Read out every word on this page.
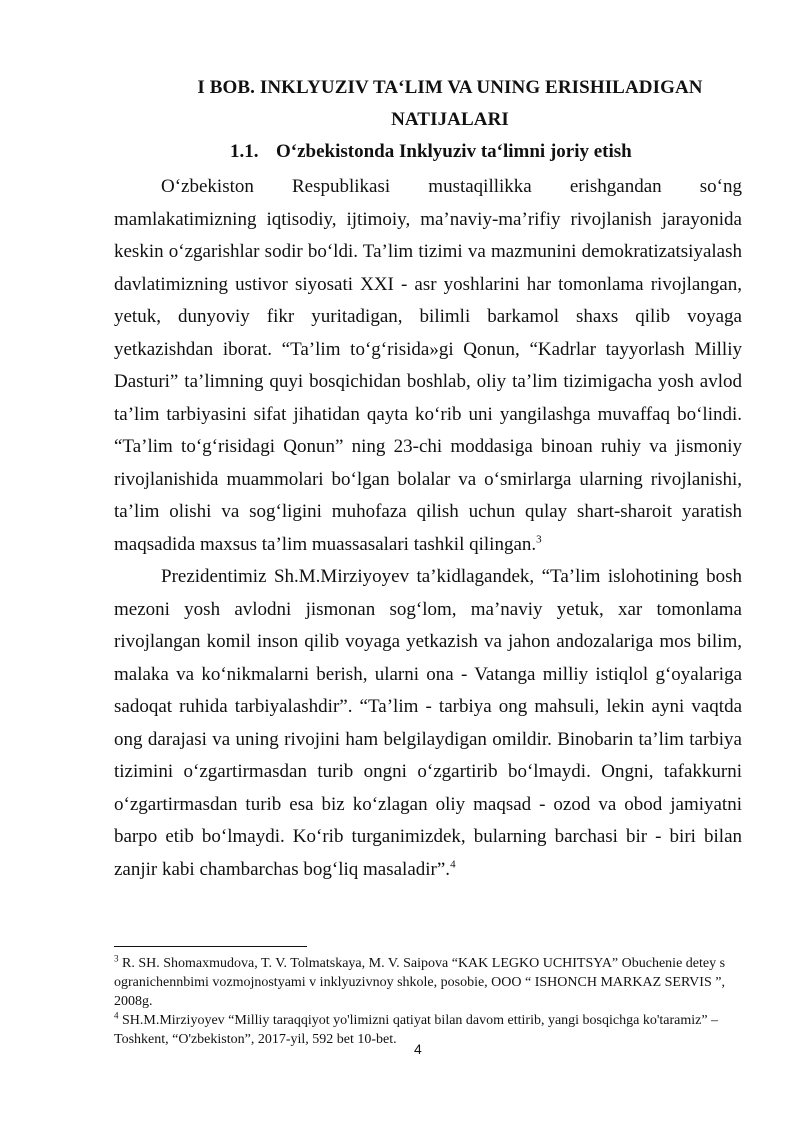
I BOB. INKLYUZIV TA‘LIM VA UNING ERISHILADIGAN NATIJALARI
1.1. O‘zbekistonda Inklyuziv ta‘limni joriy etish

O‘zbekiston Respublikasi mustaqillikka erishgandan so‘ng mamlakatimizning iqtisodiy, ijtimoiy, ma’naviy-ma’rifiy rivojlanish jarayonida keskin o‘zgarishlar sodir bo‘ldi. Ta’lim tizimi va mazmunini demokratizatsiyalash davlatimizning ustivor siyosati XXI - asr yoshlarini har tomonlama rivojlangan, yetuk, dunyoviy fikr yuritadigan, bilimli barkamol shaxs qilib voyaga yetkazishdan iborat. “Ta’lim to‘g‘risida»gi Qonun, “Kadrlar tayyorlash Milliy Dasturi” ta’limning quyi bosqichidan boshlab, oliy ta’lim tizimigacha yosh avlod ta’lim tarbiyasini sifat jihatidan qayta ko‘rib uni yangilashga muvaffaq bo‘lindi. “Ta’lim to‘g‘risidagi Qonun” ning 23-chi moddasiga binoan ruhiy va jismoniy rivojlanishida muammolari bo‘lgan bolalar va o‘smirlarga ularning rivojlanishi, ta’lim olishi va sog‘ligini muhofaza qilish uchun qulay shart-sharoit yaratish maqsadida maxsus ta’lim muassasalari tashkil qilingan.$^3$

Prezidentimiz Sh.M.Mirziyoyev ta’kidlagandek, “Ta’lim islohotining bosh mezoni yosh avlodni jismonan sog‘lom, ma’naviy yetuk, xar tomonlama rivojlangan komil inson qilib voyaga yetkazish va jahon andozalariga mos bilim, malaka va ko‘nikmalarni berish, ularni ona - Vatanga milliy istiqlol g‘oyalariga sadoqat ruhida tarbiyalashdir”. “Ta’lim - tarbiya ong mahsuli, lekin ayni vaqtda ong darajasi va uning rivojini ham belgilaydigan omildir. Binobarin ta’lim tarbiya tizimini o‘zgartirmasdan turib ongni o‘zgartirib bo‘lmaydi. Ongni, tafakkurni o‘zgartirmasdan turib esa biz ko‘zlagan oliy maqsad - ozod va obod jamiyatni barpo etib bo‘lmaydi. Ko‘rib turganimizdek, bularning barchasi bir - biri bilan zanjir kabi chambarchas bog‘liq masaladir”.$^4$

$^3$ R. SH. Shomaxmudova, T. V. Tolmatskaya, M. V. Saipova “KAK LEGKO UCHITSYA” Obuchenie detey s ogranichennbimi vozmojnostyami v inklyuzivnoy shkole, posobie, OOO “ ISHONCH MARKAZ SERVIS ”, 2008g.

$^4$ SH.M.Mirziyoyev “Milliy taraqqiyot yo'limizni qatiyat bilan davom ettirib, yangi bosqichga ko'taramiz” – Toshkent, “O'zbekiston”, 2017-yil, 592 bet 10-bet.

4
